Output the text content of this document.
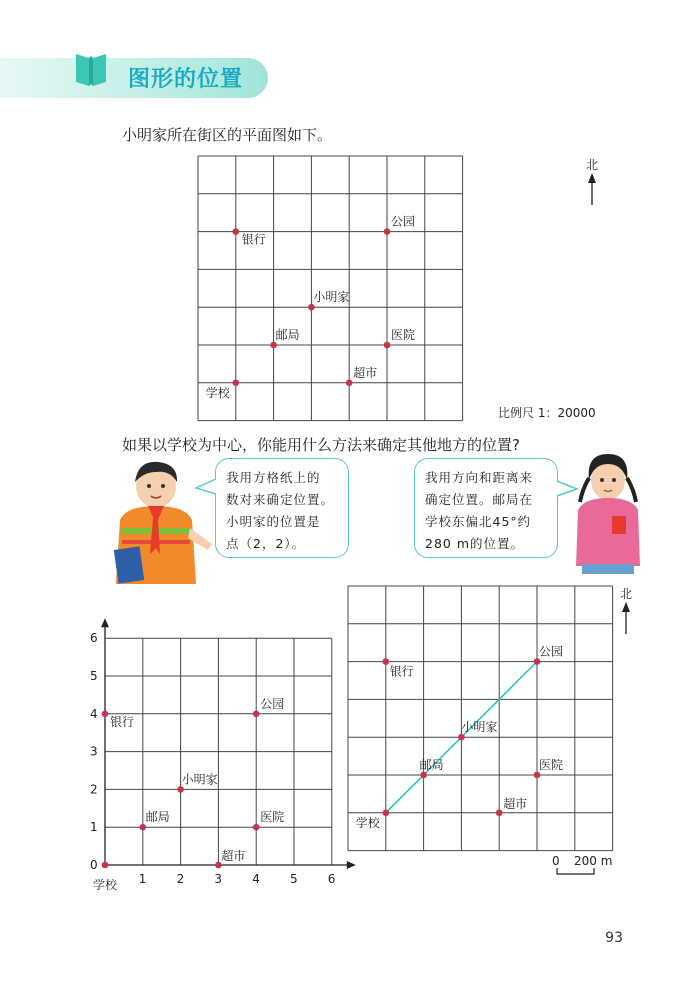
图形的位置
小明家所在街区的平面图如下。
学校
邮局
小明家
银行
公园
医院
超市
北
比例尺 1：20000
如果以学校为中心，你能用什么方法来确定其他地方的位置?
我用方格纸上的
数对来确定位置。
小明家的位置是
点（2，2）。
我用方向和距离来
确定位置。邮局在
学校东偏北45°约
280 m的位置。
1	2	3	4	5	6
0
1
2
3
4
5
6
学校
银行
公园
小明家
邮局	医院
超市
学校
邮局
小明家
公园
银行
医院
超市
北
0 200 m
93
